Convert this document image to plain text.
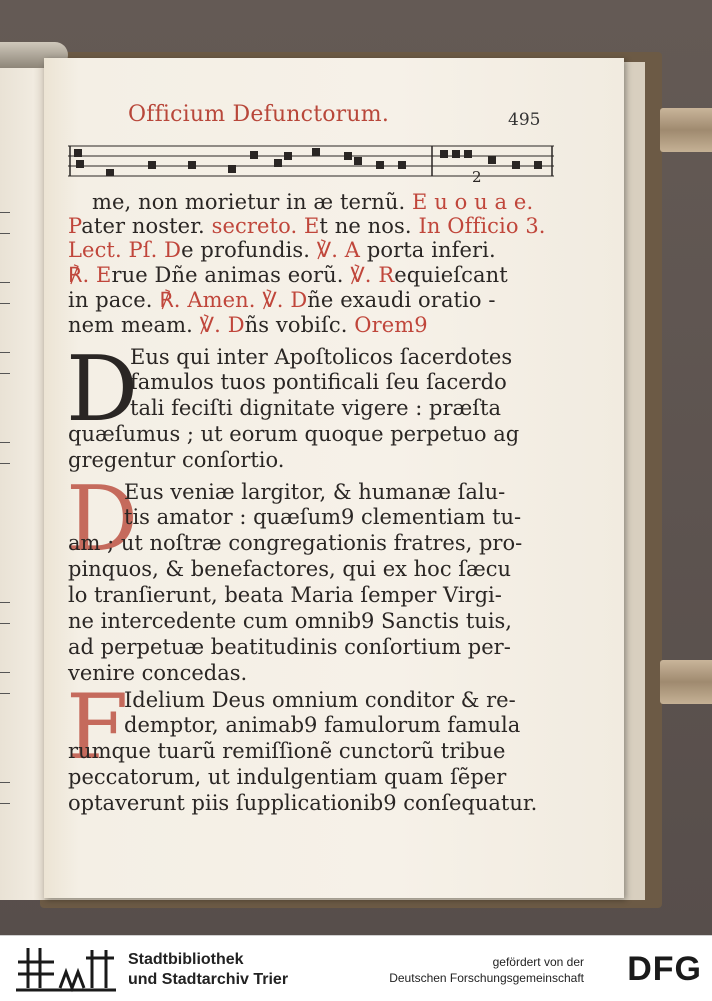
Officium Defunctorum.	495
2
me, non morietur in æ ternũ. E u o u a e.
Pater noster. secreto. Et ne nos. In Officio 3.
Lect. Pſ. De profundis. ℣. A porta inferi.
℟. Erue Dñe animas eorũ. ℣. Requieſcant
in pace. ℟. Amen. ℣. Dñe exaudi oratio -
nem meam. ℣. Dñs vobiſc. Orem9
D
Eus qui inter Apoſtolicos ſacerdotes
famulos tuos pontificali ſeu ſacerdo
tali feciſti dignitate vigere : præſta
quæſumus ; ut eorum quoque perpetuo ag
gregentur conſortio.
D
Eus veniæ largitor, & humanæ ſalu-
tis amator : quæſum9 clementiam tu-
am ; ut noſtræ congregationis fratres, pro-
pinquos, & benefactores, qui ex hoc ſæcu
lo tranſierunt, beata Maria ſemper Virgi-
ne intercedente cum omnib9 Sanctis tuis,
ad perpetuæ beatitudinis conſortium per-
venire concedas.
F
Idelium Deus omnium conditor & re-
demptor, animab9 famulorum famula
rumque tuarũ remiſſionẽ cunctorũ tribue
peccatorum, ut indulgentiam quam ſẽper
optaverunt piis ſupplicationib9 conſequatur.
Stadtbibliothek
und Stadtarchiv Trier
gefördert von der
Deutschen Forschungsgemeinschaft DFG
